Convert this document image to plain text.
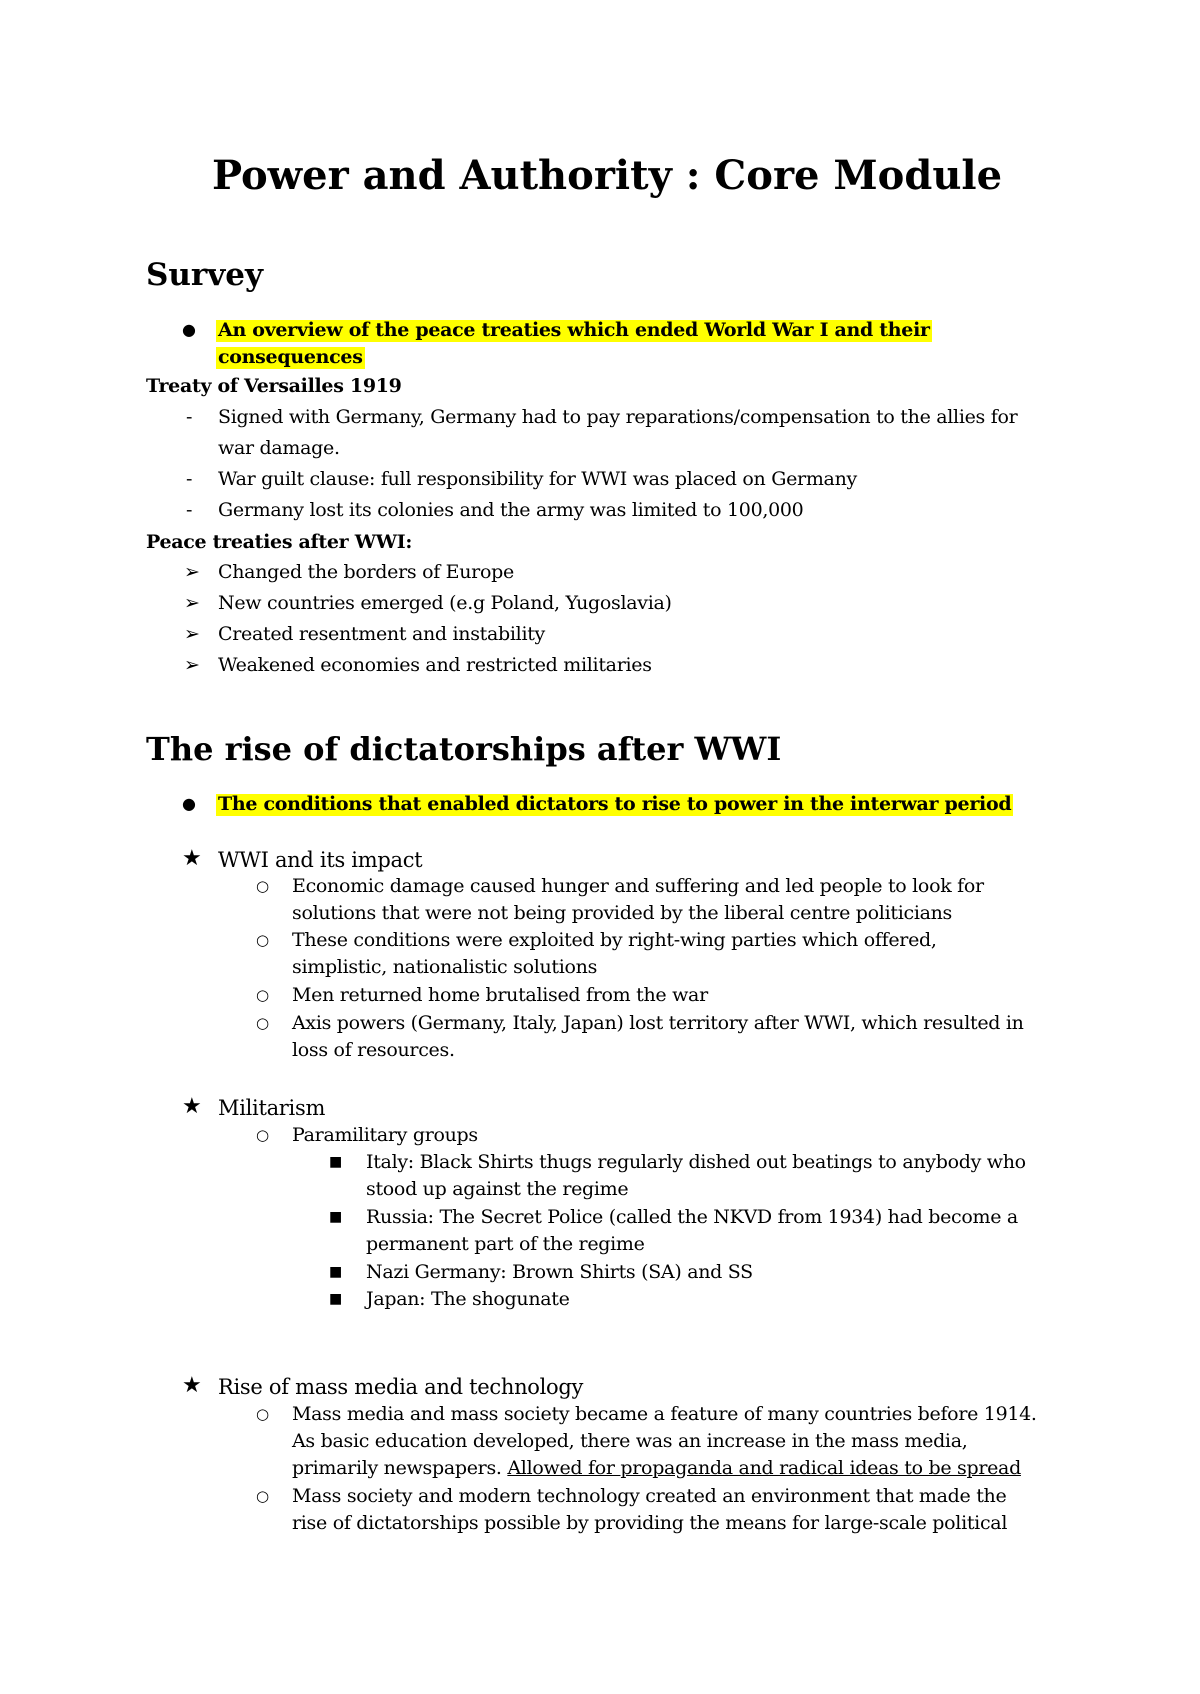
Power and Authority : Core Module
Survey
● An overview of the peace treaties which ended World War I and their
consequences
Treaty of Versailles 1919
- Signed with Germany, Germany had to pay reparations/compensation to the allies for
war damage.
- War guilt clause: full responsibility for WWI was placed on Germany
- Germany lost its colonies and the army was limited to 100,000
Peace treaties after WWI:
➢ Changed the borders of Europe
➢ New countries emerged (e.g Poland, Yugoslavia)
➢ Created resentment and instability
➢ Weakened economies and restricted militaries
The rise of dictatorships after WWI
● The conditions that enabled dictators to rise to power in the interwar period
★ WWI and its impact
○ Economic damage caused hunger and suffering and led people to look for
solutions that were not being provided by the liberal centre politicians
○ These conditions were exploited by right-wing parties which offered,
simplistic, nationalistic solutions
○ Men returned home brutalised from the war
○ Axis powers (Germany, Italy, Japan) lost territory after WWI, which resulted in
loss of resources.
★ Militarism
○ Paramilitary groups
■ Italy: Black Shirts thugs regularly dished out beatings to anybody who
stood up against the regime
■ Russia: The Secret Police (called the NKVD from 1934) had become a
permanent part of the regime
■ Nazi Germany: Brown Shirts (SA) and SS
■ Japan: The shogunate
★ Rise of mass media and technology
○ Mass media and mass society became a feature of many countries before 1914.
As basic education developed, there was an increase in the mass media,
primarily newspapers. Allowed for propaganda and radical ideas to be spread
○ Mass society and modern technology created an environment that made the
rise of dictatorships possible by providing the means for large-scale political
